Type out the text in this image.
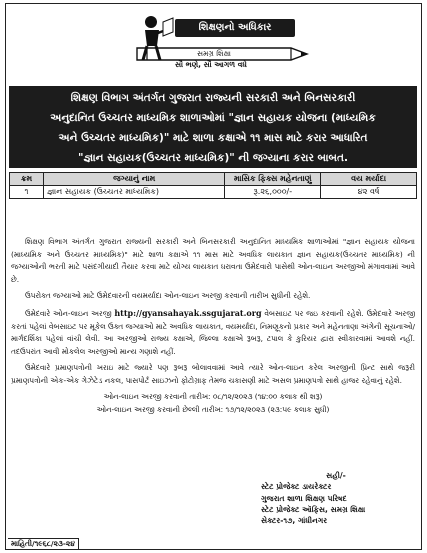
શિક્ષણનો અધિકાર
સમગ્ર શિક્ષા
સૌ ભણે, સૌ આગળ વધે
શિક્ષણ વિભાગ અંતર્ગત ગુજરાત રાજ્યની સરકારી અને બિનસરકારી
અનુદાનિત ઉચ્ચતર માધ્યમિક શાળાઓમાં "જ્ઞાન સહાયક યોજના (માધ્યમિક
અને ઉચ્ચતર માધ્યમિક)" માટે શાળા કક્ષાએ ૧૧ માસ માટે કરાર આધારિત
"જ્ઞાન સહાયક(ઉચ્ચતર માધ્યમિક)" ની જગ્યાના કરાર બાબત.
ક્રમ	જગ્યાનું નામ	માસિક ફિક્સ મહેનતાણું	વય મર્યાદા
૧	જ્ઞાન સહાયક (ઉચ્ચતર માધ્યમિક)	રૂ.૨૬,૦૦૦/-	૪૨ વર્ષ

શિક્ષણ વિભાગ અંતર્ગત ગુજરાત રાજ્યની સરકારી અને બિનસરકારી અનુદાનિત માધ્યમિક શાળાઓમાં "જ્ઞાન સહાયક યોજના (માધ્યમિક અને ઉચ્ચતર માધ્યમિક)" માટે શાળા કક્ષાએ ૧૧ માસ માટે અવધિક લાયકાત જ્ઞાન સહાયક(ઉચ્ચતર માધ્યમિક) ની જગ્યાઓની ભરતી માટે પસંદગીયાદી તૈયાર કરવા માટે યોગ્ય લાયકાત ધરાવતા ઉમેદવારો પાસેથી ઓન-લાઇન અરજીઓ મંગાવવામાં આવે છે.

ઉપરોક્ત જગ્યાઓ માટે ઉમેદવારની વયમર્યાદા ઓન-લાઇન અરજી કરવાની તારીખ સુધીની રહેશે.

ઉમેદવારે ઓન-લાઇન અરજી http://gyansahayak.ssgujarat.org વેબસાઇટ પર જઇ કરવાની રહેશે. ઉમેદવારે અરજી કરતાં પહેલાં વેબસાઇટ પર મૂકેલ ઉક્ત જગ્યાઓ માટે અવધિક લાયકાત, વયમર્યાદા, નિમણૂકનો પ્રકાર અને મહેનતાણા અંગેની સૂચનાઓ/માર્ગદર્શિકા પહેલાં વાંચી લેવી. આ અરજીઓ રાજ્ય કક્ષાએ, જિલ્લા કક્ષાએ રૂબરૂ, ટપાલ કે કુરિયર દ્વારા સ્વીકારવામાં આવશે નહીં. તદઉપરાંત આવી મોકલેલ અરજીઓ માન્ય ગણાશે નહીં.

ઉમેદવારે પ્રમાણપત્રોની ખરાઇ માટે જ્યારે પણ રૂબરૂ બોલાવવામાં આવે ત્યારે ઓન-લાઇન કરેલ અરજીની પ્રિન્ટ સાથે જરૂરી પ્રમાણપત્રોની એક-એક ગેઝેટેડ નકલ, પાસપોર્ટ સાઇઝનો ફોટોગ્રાફ તેમજ ચકાસણી માટે અસલ પ્રમાણપત્રો સાથે હાજર રહેવાનું રહેશે.

ઓન-લાઇન અરજી કરવાની તારીખ: ૦૮/૧૨/૨૦૨૩ (૧૪:૦૦ કલાક થી શરૂ)
ઓન-લાઇન અરજી કરવાની છેલ્લી તારીખ: ૧૭/૧૨/૨૦૨૩ (૨૩:૫૯ કલાક સુધી)
સહી/-
સ્ટેટ પ્રોજેક્ટ ડાયરેક્ટર
ગુજરાત શાળા શિક્ષણ પરિષદ
સ્ટેટ પ્રોજેક્ટ ઑફિસ, સમગ્ર શિક્ષા
સેક્ટર-૧૭, ગાંધીનગર
માહિતી/૧૯૬૮/૨૩-૨૪
